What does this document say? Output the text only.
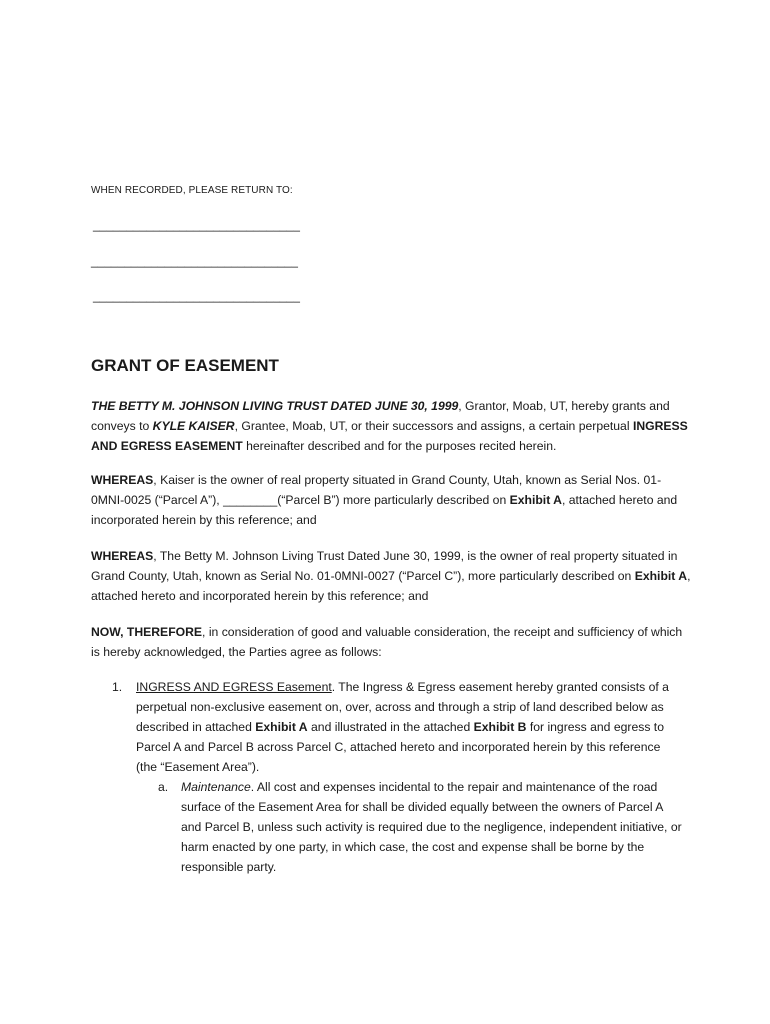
WHEN RECORDED, PLEASE RETURN TO:
_______________________________
_______________________________
_______________________________
GRANT OF EASEMENT

THE BETTY M. JOHNSON LIVING TRUST DATED JUNE 30, 1999, Grantor, Moab, UT, hereby grants and conveys to KYLE KAISER, Grantee, Moab, UT, or their successors and assigns, a certain perpetual INGRESS AND EGRESS EASEMENT hereinafter described and for the purposes recited herein.

WHEREAS, Kaiser is the owner of real property situated in Grand County, Utah, known as Serial Nos. 01-0MNI-0025 (“Parcel A”), ________(“Parcel B”) more particularly described on Exhibit A, attached hereto and incorporated herein by this reference; and

WHEREAS, The Betty M. Johnson Living Trust Dated June 30, 1999, is the owner of real property situated in Grand County, Utah, known as Serial No. 01-0MNI-0027 (“Parcel C”), more particularly described on Exhibit A, attached hereto and incorporated herein by this reference; and

NOW, THEREFORE, in consideration of good and valuable consideration, the receipt and sufficiency of which is hereby acknowledged, the Parties agree as follows:

1. INGRESS AND EGRESS Easement. The Ingress & Egress easement hereby granted consists of a perpetual non-exclusive easement on, over, across and through a strip of land described below as described in attached Exhibit A and illustrated in the attached Exhibit B for ingress and egress to Parcel A and Parcel B across Parcel C, attached hereto and incorporated herein by this reference (the “Easement Area”).

a. Maintenance. All cost and expenses incidental to the repair and maintenance of the road surface of the Easement Area for shall be divided equally between the owners of Parcel A and Parcel B, unless such activity is required due to the negligence, independent initiative, or harm enacted by one party, in which case, the cost and expense shall be borne by the responsible party.
